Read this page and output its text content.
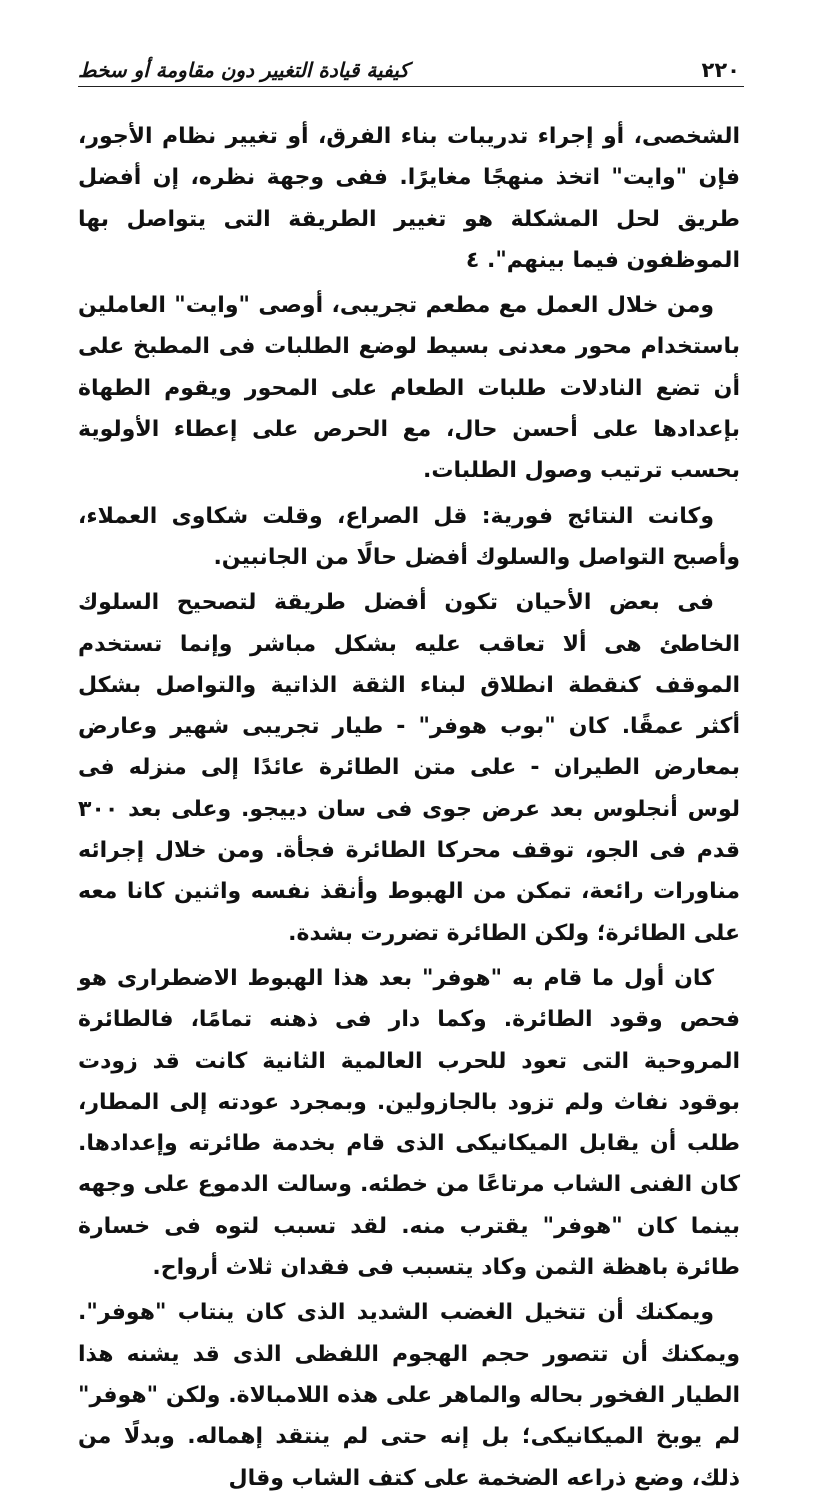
٢٢٠
كيفية قيادة التغيير دون مقاومة أو سخط

الشخصى، أو إجراء تدريبات بناء الفرق، أو تغيير نظام الأجور، فإن "وايت" اتخذ منهجًا مغايرًا. ففى وجهة نظره، إن أفضل طريق لحل المشكلة هو تغيير الطريقة التى يتواصل بها الموظفون فيما بينهم". ٤

ومن خلال العمل مع مطعم تجريبى، أوصى "وايت" العاملين باستخدام محور معدنى بسيط لوضع الطلبات فى المطبخ على أن تضع النادلات طلبات الطعام على المحور ويقوم الطهاة بإعدادها على أحسن حال، مع الحرص على إعطاء الأولوية بحسب ترتيب وصول الطلبات.

وكانت النتائج فورية: قل الصراع، وقلت شكاوى العملاء، وأصبح التواصل والسلوك أفضل حالًا من الجانبين.

فى بعض الأحيان تكون أفضل طريقة لتصحيح السلوك الخاطئ هى ألا تعاقب عليه بشكل مباشر وإنما تستخدم الموقف كنقطة انطلاق لبناء الثقة الذاتية والتواصل بشكل أكثر عمقًا. كان "بوب هوفر" - طيار تجريبى شهير وعارض بمعارض الطيران - على متن الطائرة عائدًا إلى منزله فى لوس أنجلوس بعد عرض جوى فى سان دييجو. وعلى بعد ٣٠٠ قدم فى الجو، توقف محركا الطائرة فجأة. ومن خلال إجرائه مناورات رائعة، تمكن من الهبوط وأنقذ نفسه واثنين كانا معه على الطائرة؛ ولكن الطائرة تضررت بشدة.

كان أول ما قام به "هوفر" بعد هذا الهبوط الاضطرارى هو فحص وقود الطائرة. وكما دار فى ذهنه تمامًا، فالطائرة المروحية التى تعود للحرب العالمية الثانية كانت قد زودت بوقود نفاث ولم تزود بالجازولين. وبمجرد عودته إلى المطار، طلب أن يقابل الميكانيكى الذى قام بخدمة طائرته وإعدادها. كان الفنى الشاب مرتاعًا من خطئه. وسالت الدموع على وجهه بينما كان "هوفر" يقترب منه. لقد تسبب لتوه فى خسارة طائرة باهظة الثمن وكاد يتسبب فى فقدان ثلاث أرواح.

ويمكنك أن تتخيل الغضب الشديد الذى كان ينتاب "هوفر". ويمكنك أن تتصور حجم الهجوم اللفظى الذى قد يشنه هذا الطيار الفخور بحاله والماهر على هذه اللامبالاة. ولكن "هوفر" لم يوبخ الميكانيكى؛ بل إنه حتى لم ينتقد إهماله. وبدلًا من ذلك، وضع ذراعه الضخمة على كتف الشاب وقال
